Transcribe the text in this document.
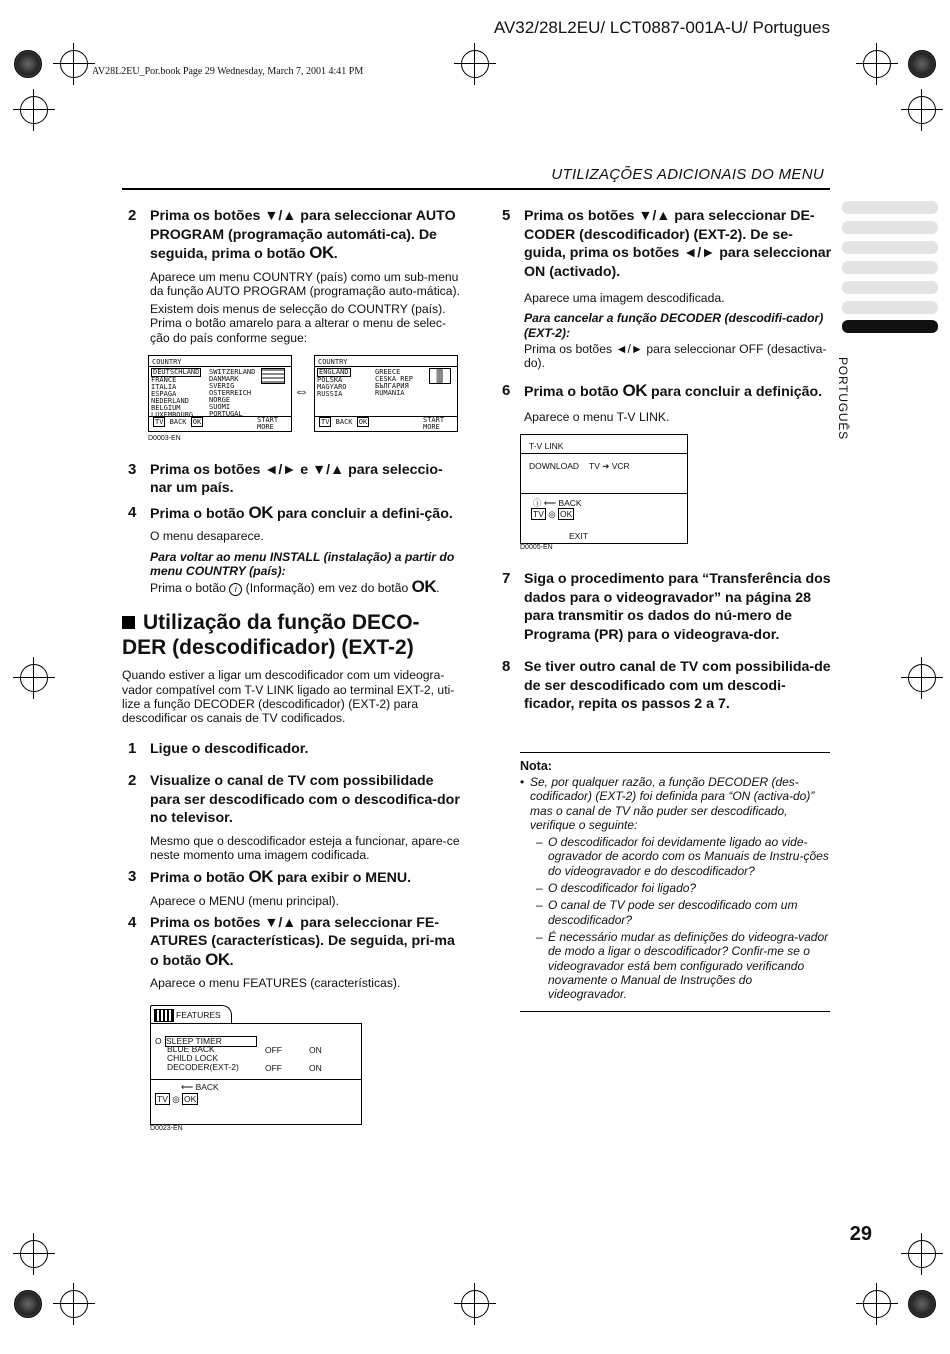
AV32/28L2EU/ LCT0887-001A-U/ Portugues
AV28L2EU_Por.book Page 29 Wednesday, March 7, 2001 4:41 PM
UTILIZAÇÕES ADICIONAIS DO MENU
PORTUGUÊS
2 Prima os botões ▼/▲ para seleccionar AUTO PROGRAM (programação automáti-ca). De seguida, prima o botão OK.
Aparece um menu COUNTRY (país) como um sub-menu da função AUTO PROGRAM (programação auto-mática).
Existem dois menus de selecção do COUNTRY (país). Prima o botão amarelo para a alterar o menu de selec-ção do país conforme segue:
COUNTRY
DEUTSCHLAND
FRANCE
ITALIA
ESPAGA
NEDERLAND
BELGIUM
LUXEMBOURG
SWITZERLAND
DANMARK
SVERIG
OSTERREICH
NORGE
SUOMI
PORTUGAL
TV BACK OK	START
MORE
⇔
COUNTRY
ENGLAND
POLSKA
MAGYARO
RUSSIA
GREECE
CESKA REP
БЪЛГАРИЯ
RUMANIA
TV BACK OK	START
MORE
D0003-EN
3 Prima os botões ◄/► e ▼/▲ para seleccio-nar um país.
4 Prima o botão OK para concluir a defini-ção.
O menu desaparece.
Para voltar ao menu INSTALL (instalação) a partir do menu COUNTRY (país):
Prima o botão i (Informação) em vez do botão OK.
Utilização da função DECO-DER (descodificador) (EXT-2)
Quando estiver a ligar um descodificador com um videogra-vador compatível com T-V LINK ligado ao terminal EXT-2, uti-lize a função DECODER (descodificador) (EXT-2) para descodificar os canais de TV codificados.
1 Ligue o descodificador.
2 Visualize o canal de TV com possibilidade para ser descodificado com o descodifica-dor no televisor.
Mesmo que o descodificador esteja a funcionar, apare-ce neste momento uma imagem codificada.
3 Prima o botão OK para exibir o MENU.
Aparece o MENU (menu principal).
4 Prima os botões ▼/▲ para seleccionar FE-ATURES (características). De seguida, pri-ma o botão OK.
Aparece o menu FEATURES (características).
FEATURES
O SLEEP TIMER
BLUE BACK	OFF	ON
CHILD LOCK
DECODER(EXT-2)	OFF	ON
⟵ BACK
TV ◎ OK
D0023-EN
5 Prima os botões ▼/▲ para seleccionar DE-CODER (descodificador) (EXT-2). De se-guida, prima os botões ◄/► para seleccionar ON (activado).
Aparece uma imagem descodificada.
Para cancelar a função DECODER (descodifi-cador) (EXT-2):
Prima os botões ◄/► para seleccionar OFF (desactiva-do).
6 Prima o botão OK para concluir a definição.
Aparece o menu T-V LINK.
T-V LINK
DOWNLOAD TV ➔ VCR
ⓘ ⟵ BACK
TV ◎ OK
EXIT
D0005-EN
7 Siga o procedimento para “Transferência dos dados para o videogravador” na página 28 para transmitir os dados do nú-mero de Programa (PR) para o videograva-dor.
8 Se tiver outro canal de TV com possibilida-de de ser descodificado com um descodi-ficador, repita os passos 2 a 7.
Nota:
• Se, por qualquer razão, a função DECODER (des-codificador) (EXT-2) foi definida para “ON (activa-do)” mas o canal de TV não puder ser descodificado, verifique o seguinte:
– O descodificador foi devidamente ligado ao vide-ogravador de acordo com os Manuais de Instru-ções do videogravador e do descodificador?
– O descodificador foi ligado?
– O canal de TV pode ser descodificado com um descodificador?
– É necessário mudar as definições do videogra-vador de modo a ligar o descodificador? Confir-me se o videogravador está bem configurado verificando novamente o Manual de Instruções do videogravador.
29
